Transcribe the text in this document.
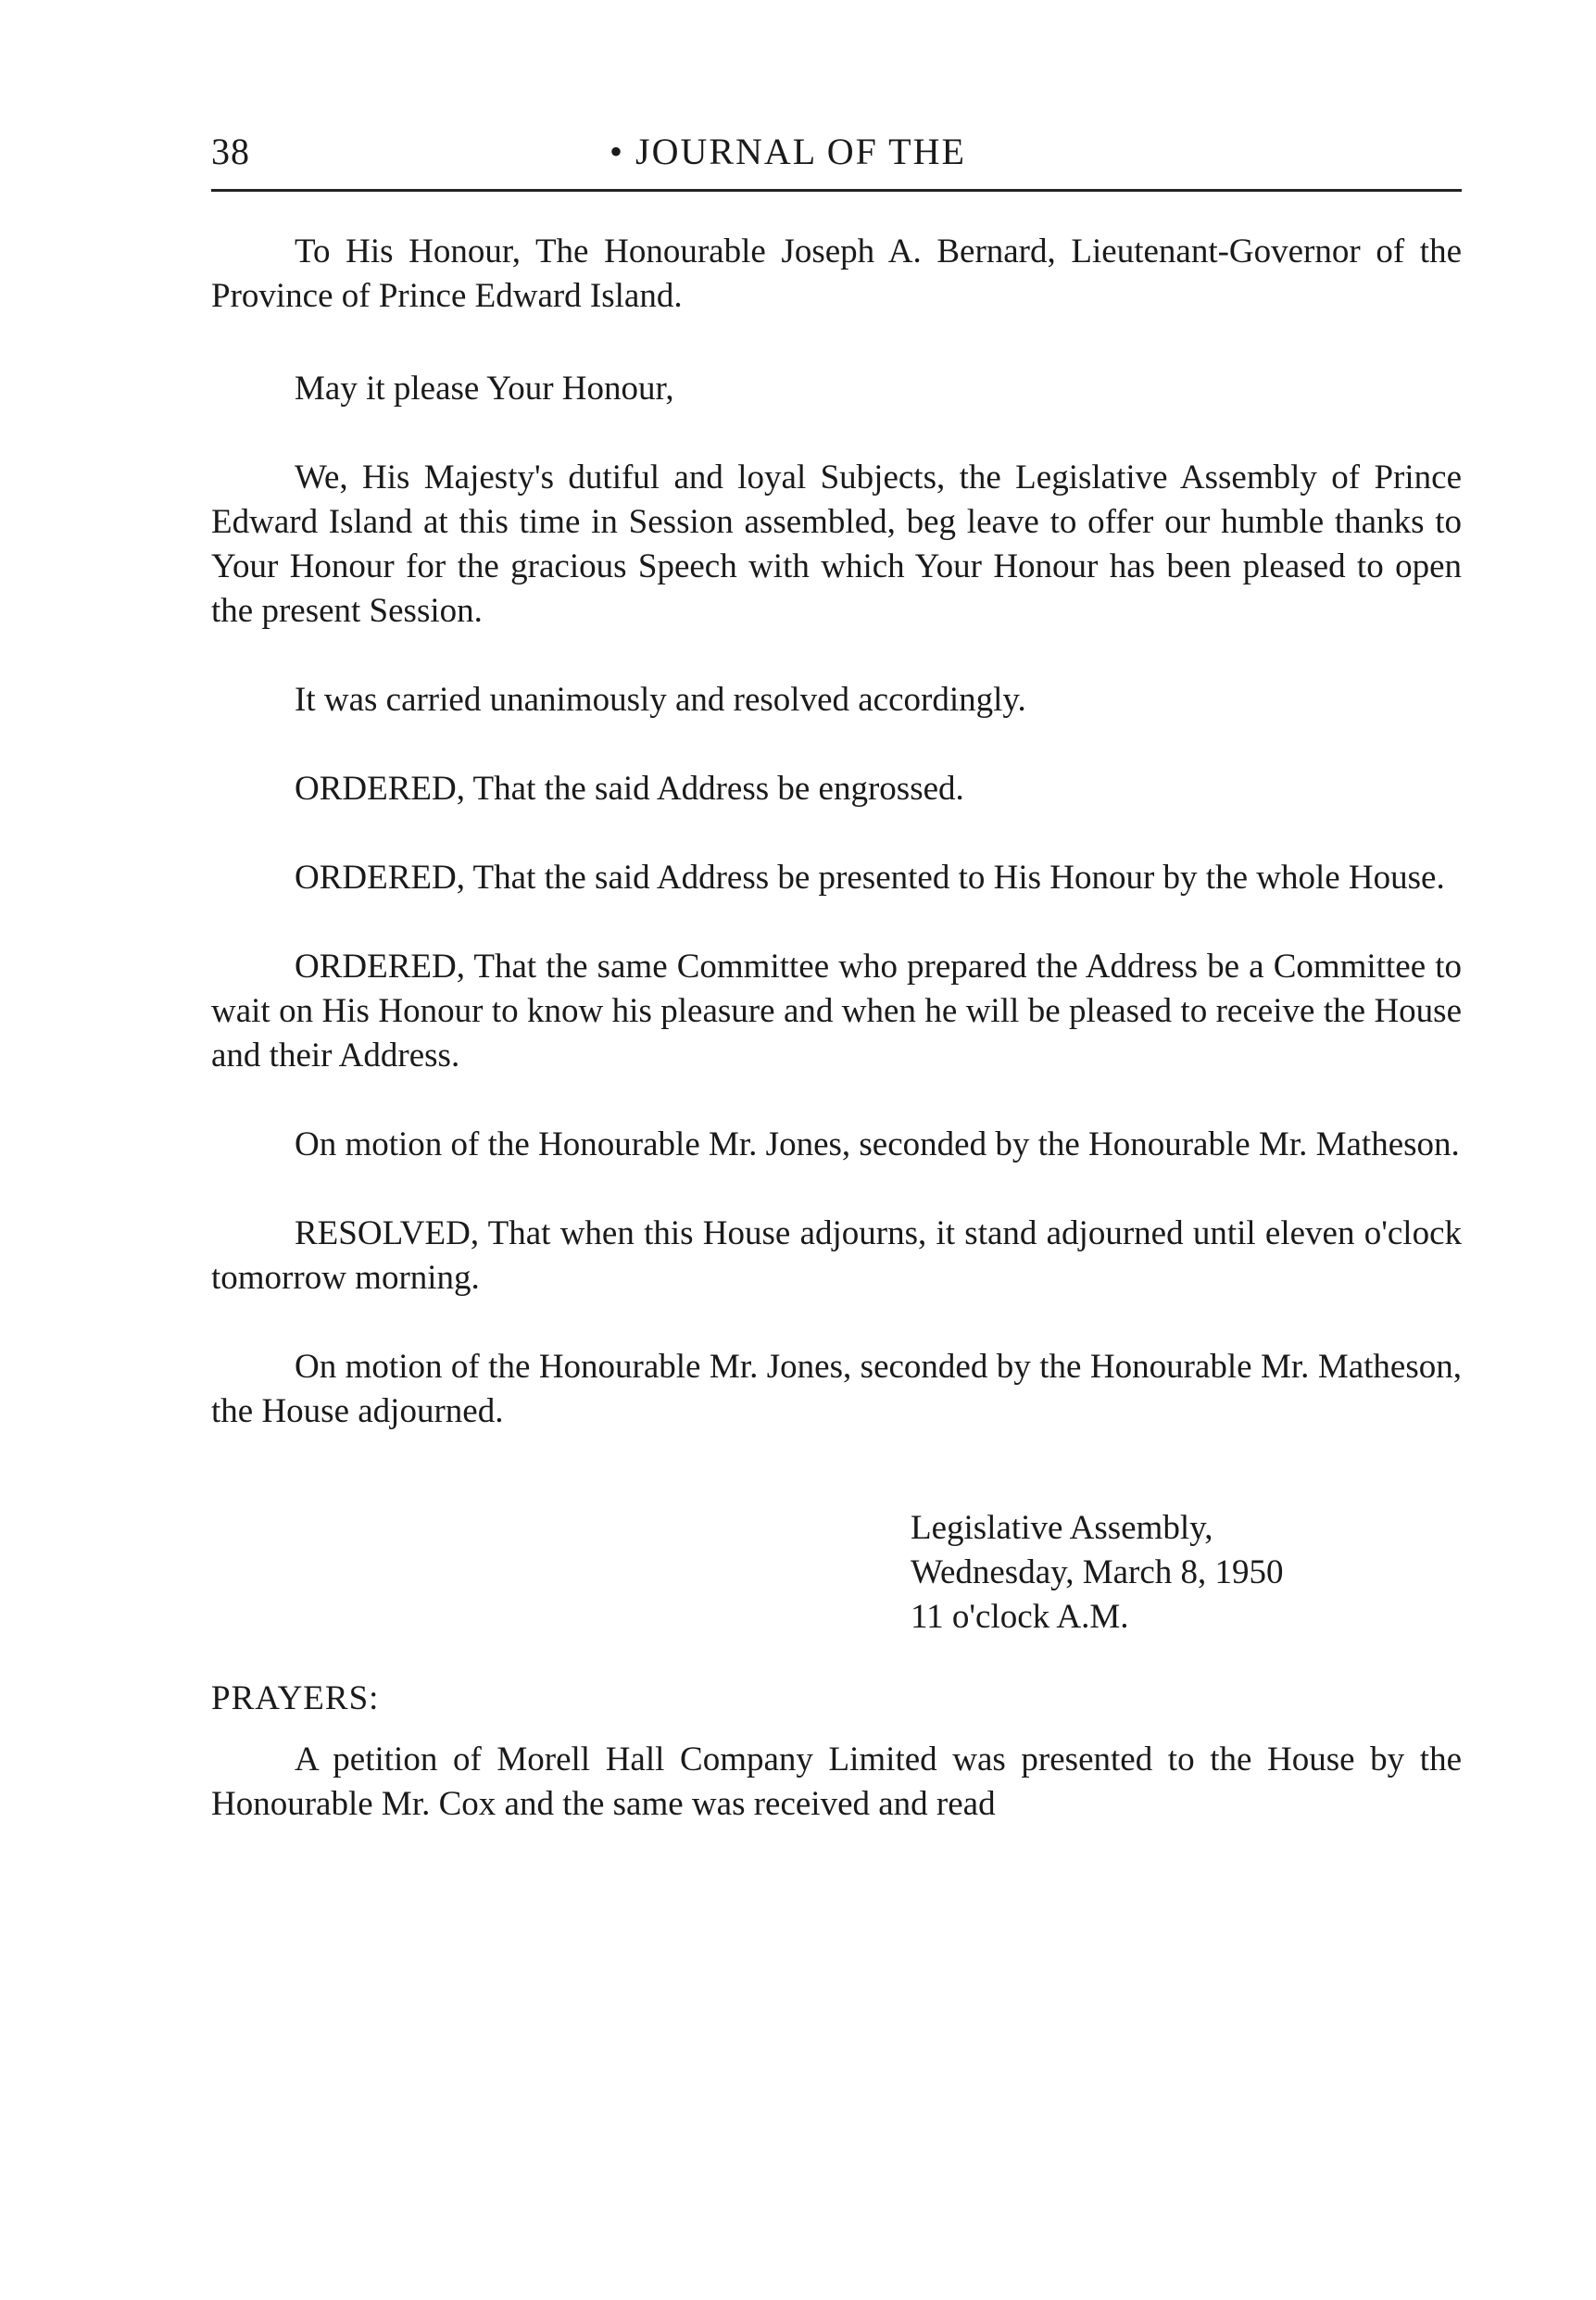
38	• JOURNAL OF THE

To His Honour, The Honourable Joseph A. Bernard, Lieutenant-Governor of the Province of Prince Edward Island.

May it please Your Honour,

We, His Majesty's dutiful and loyal Subjects, the Legislative Assembly of Prince Edward Island at this time in Session assembled, beg leave to offer our humble thanks to Your Honour for the gracious Speech with which Your Honour has been pleased to open the present Session.

It was carried unanimously and resolved accordingly.

ORDERED, That the said Address be engrossed.

ORDERED, That the said Address be presented to His Honour by the whole House.

ORDERED, That the same Committee who prepared the Address be a Committee to wait on His Honour to know his pleasure and when he will be pleased to receive the House and their Address.

On motion of the Honourable Mr. Jones, seconded by the Honourable Mr. Matheson.

RESOLVED, That when this House adjourns, it stand adjourned until eleven o'clock tomorrow morning.

On motion of the Honourable Mr. Jones, seconded by the Honourable Mr. Matheson, the House adjourned.

Legislative Assembly,
Wednesday, March 8, 1950
11 o'clock A.M.
PRAYERS:

A petition of Morell Hall Company Limited was presented to the House by the Honourable Mr. Cox and the same was received and read
